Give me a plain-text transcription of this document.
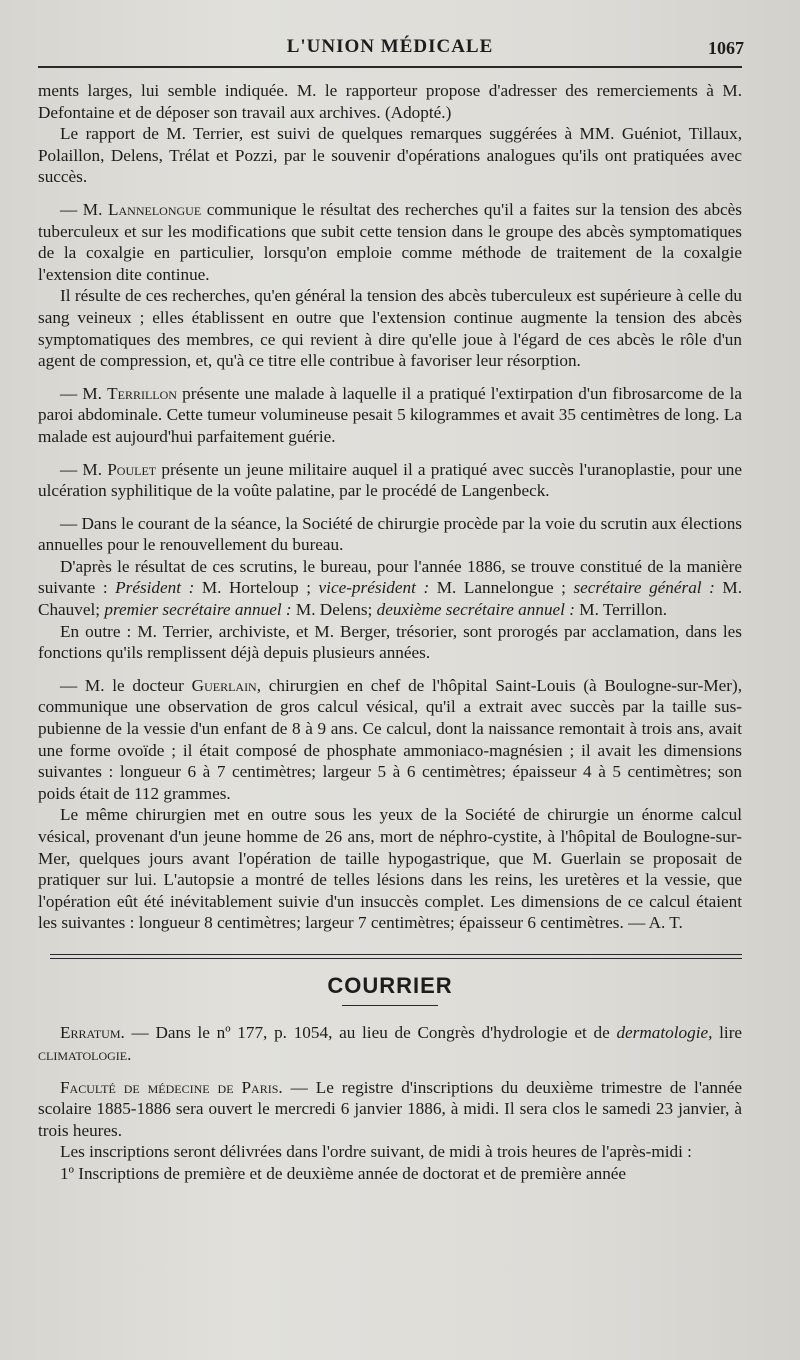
L'UNION MÉDICALE	1067

ments larges, lui semble indiquée. M. le rapporteur propose d'adresser des remerciements à M. Defontaine et de déposer son travail aux archives. (Adopté.)

Le rapport de M. Terrier, est suivi de quelques remarques suggérées à MM. Guéniot, Tillaux, Polaillon, Delens, Trélat et Pozzi, par le souvenir d'opérations analogues qu'ils ont pratiquées avec succès.

— M. Lannelongue communique le résultat des recherches qu'il a faites sur la tension des abcès tuberculeux et sur les modifications que subit cette tension dans le groupe des abcès symptomatiques de la coxalgie en particulier, lorsqu'on emploie comme méthode de traitement de la coxalgie l'extension dite continue.

Il résulte de ces recherches, qu'en général la tension des abcès tuberculeux est supérieure à celle du sang veineux ; elles établissent en outre que l'extension continue augmente la tension des abcès symptomatiques des membres, ce qui revient à dire qu'elle joue à l'égard de ces abcès le rôle d'un agent de compression, et, qu'à ce titre elle contribue à favoriser leur résorption.

— M. Terrillon présente une malade à laquelle il a pratiqué l'extirpation d'un fibrosarcome de la paroi abdominale. Cette tumeur volumineuse pesait 5 kilogrammes et avait 35 centimètres de long. La malade est aujourd'hui parfaitement guérie.

— M. Poulet présente un jeune militaire auquel il a pratiqué avec succès l'uranoplastie, pour une ulcération syphilitique de la voûte palatine, par le procédé de Langenbeck.

— Dans le courant de la séance, la Société de chirurgie procède par la voie du scrutin aux élections annuelles pour le renouvellement du bureau.

D'après le résultat de ces scrutins, le bureau, pour l'année 1886, se trouve constitué de la manière suivante : Président : M. Horteloup ; vice-président : M. Lannelongue ; secrétaire général : M. Chauvel; premier secrétaire annuel : M. Delens; deuxième secrétaire annuel : M. Terrillon.

En outre : M. Terrier, archiviste, et M. Berger, trésorier, sont prorogés par acclamation, dans les fonctions qu'ils remplissent déjà depuis plusieurs années.

— M. le docteur Guerlain, chirurgien en chef de l'hôpital Saint-Louis (à Boulogne-sur-Mer), communique une observation de gros calcul vésical, qu'il a extrait avec succès par la taille sus-pubienne de la vessie d'un enfant de 8 à 9 ans. Ce calcul, dont la naissance remontait à trois ans, avait une forme ovoïde ; il était composé de phosphate ammoniaco-magnésien ; il avait les dimensions suivantes : longueur 6 à 7 centimètres; largeur 5 à 6 centimètres; épaisseur 4 à 5 centimètres; son poids était de 112 grammes.

Le même chirurgien met en outre sous les yeux de la Société de chirurgie un énorme calcul vésical, provenant d'un jeune homme de 26 ans, mort de néphro-cystite, à l'hôpital de Boulogne-sur-Mer, quelques jours avant l'opération de taille hypogastrique, que M. Guerlain se proposait de pratiquer sur lui. L'autopsie a montré de telles lésions dans les reins, les uretères et la vessie, que l'opération eût été inévitablement suivie d'un insuccès complet. Les dimensions de ce calcul étaient les suivantes : longueur 8 centimètres; largeur 7 centimètres; épaisseur 6 centimètres. — A. T.

COURRIER

Erratum. — Dans le nº 177, p. 1054, au lieu de Congrès d'hydrologie et de dermatologie, lire climatologie.

Faculté de médecine de Paris. — Le registre d'inscriptions du deuxième trimestre de l'année scolaire 1885-1886 sera ouvert le mercredi 6 janvier 1886, à midi. Il sera clos le samedi 23 janvier, à trois heures.

Les inscriptions seront délivrées dans l'ordre suivant, de midi à trois heures de l'après-midi :

1º Inscriptions de première et de deuxième année de doctorat et de première année
